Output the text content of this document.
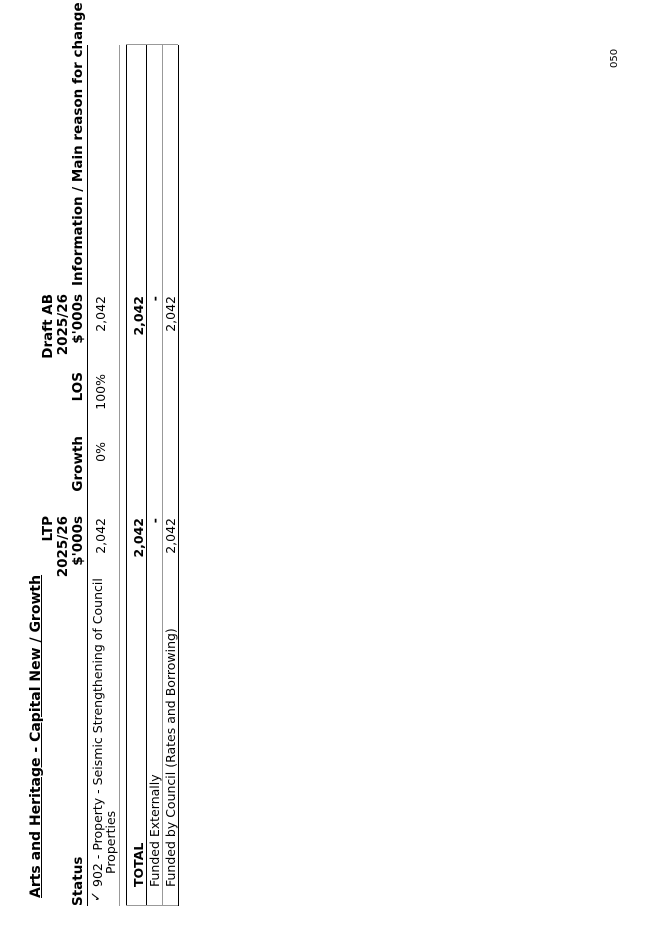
Arts and Heritage - Capital New / Growth Status
LTP 2025/26 $'000s
Growth
LOS
Draft AB 2025/26 $'000s
Information / Main reason for change
✓
902 - Property - Seismic Strengthening of Council
Properties
2,042
0%
100%
2,042
TOTAL
2,042
2,042
Funded Externally
-
-
Funded by Council (Rates and Borrowing)
2,042
2,042
050
